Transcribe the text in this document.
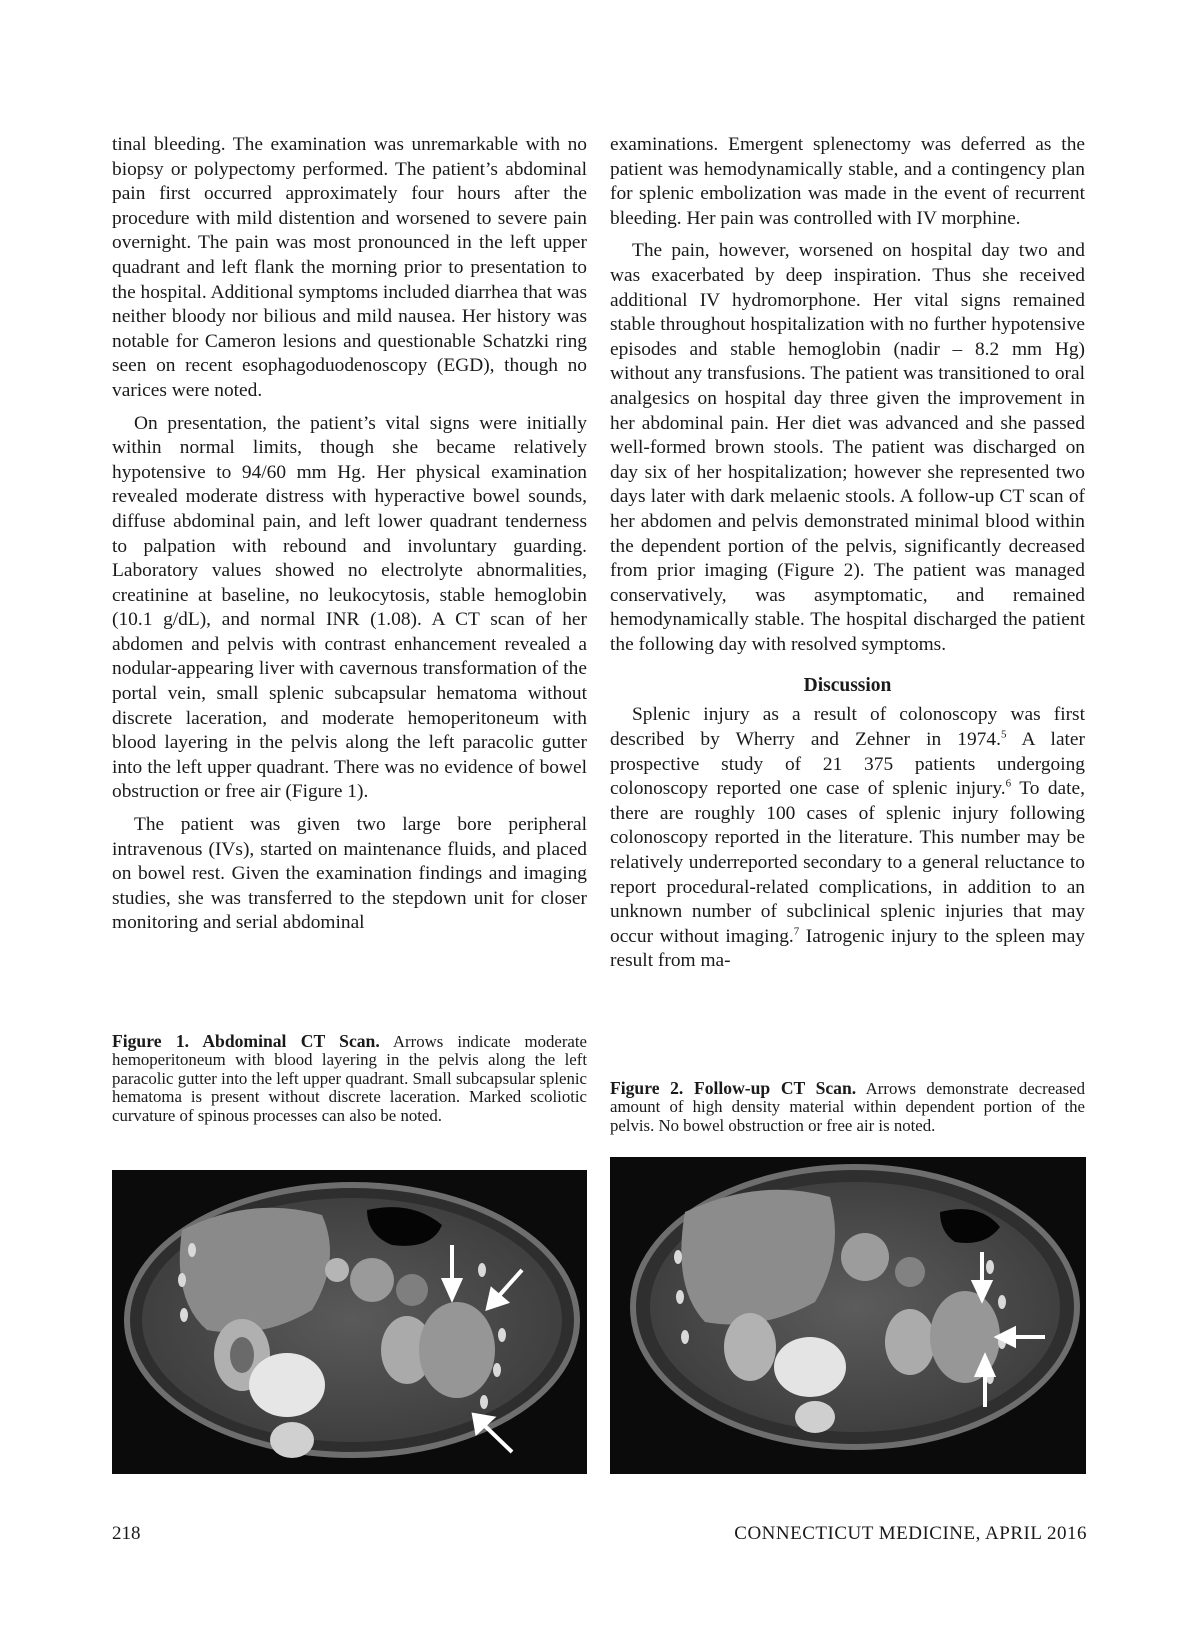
tinal bleeding. The examination was unremarkable with no biopsy or polypectomy performed. The patient’s abdominal pain first occurred approximately four hours after the procedure with mild distention and worsened to severe pain overnight. The pain was most pronounced in the left upper quadrant and left flank the morning prior to presentation to the hospital. Additional symptoms included diarrhea that was neither bloody nor bilious and mild nausea. Her history was notable for Cameron lesions and questionable Schatzki ring seen on recent esophagoduodenoscopy (EGD), though no varices were noted.

On presentation, the patient’s vital signs were initially within normal limits, though she became relatively hypotensive to 94/60 mm Hg. Her physical examination revealed moderate distress with hyperactive bowel sounds, diffuse abdominal pain, and left lower quadrant tenderness to palpation with rebound and involuntary guarding. Laboratory values showed no electrolyte abnormalities, creatinine at baseline, no leukocytosis, stable hemoglobin (10.1 g/dL), and normal INR (1.08). A CT scan of her abdomen and pelvis with contrast enhancement revealed a nodular-appearing liver with cavernous transformation of the portal vein, small splenic subcapsular hematoma without discrete laceration, and moderate hemoperitoneum with blood layering in the pelvis along the left paracolic gutter into the left upper quadrant. There was no evidence of bowel obstruction or free air (Figure 1).

The patient was given two large bore peripheral intravenous (IVs), started on maintenance fluids, and placed on bowel rest. Given the examination findings and imaging studies, she was transferred to the stepdown unit for closer monitoring and serial abdominal

examinations. Emergent splenectomy was deferred as the patient was hemodynamically stable, and a contingency plan for splenic embolization was made in the event of recurrent bleeding. Her pain was controlled with IV morphine.

The pain, however, worsened on hospital day two and was exacerbated by deep inspiration. Thus she received additional IV hydromorphone. Her vital signs remained stable throughout hospitalization with no further hypotensive episodes and stable hemoglobin (nadir – 8.2 mm Hg) without any transfusions. The patient was transitioned to oral analgesics on hospital day three given the improvement in her abdominal pain. Her diet was advanced and she passed well-formed brown stools. The patient was discharged on day six of her hospitalization; however she represented two days later with dark melaenic stools. A follow-up CT scan of her abdomen and pelvis demonstrated minimal blood within the dependent portion of the pelvis, significantly decreased from prior imaging (Figure 2). The patient was managed conservatively, was asymptomatic, and remained hemodynamically stable. The hospital discharged the patient the following day with resolved symptoms.

Discussion

Splenic injury as a result of colonoscopy was first described by Wherry and Zehner in 1974.$^5$ A later prospective study of 21 375 patients undergoing colonoscopy reported one case of splenic injury.$^6$ To date, there are roughly 100 cases of splenic injury following colonoscopy reported in the literature. This number may be relatively underreported secondary to a general reluctance to report procedural-related complications, in addition to an unknown number of subclinical splenic injuries that may occur without imaging.$^7$ Iatrogenic injury to the spleen may result from ma-

Figure 1. Abdominal CT Scan. Arrows indicate moderate hemoperitoneum with blood layering in the pelvis along the left paracolic gutter into the left upper quadrant. Small subcapsular splenic hematoma is present without discrete laceration. Marked scoliotic curvature of spinous processes can also be noted.
Figure 2. Follow-up CT Scan. Arrows demonstrate decreased amount of high density material within dependent portion of the pelvis. No bowel obstruction or free air is noted.
218	CONNECTICUT MEDICINE, APRIL 2016
